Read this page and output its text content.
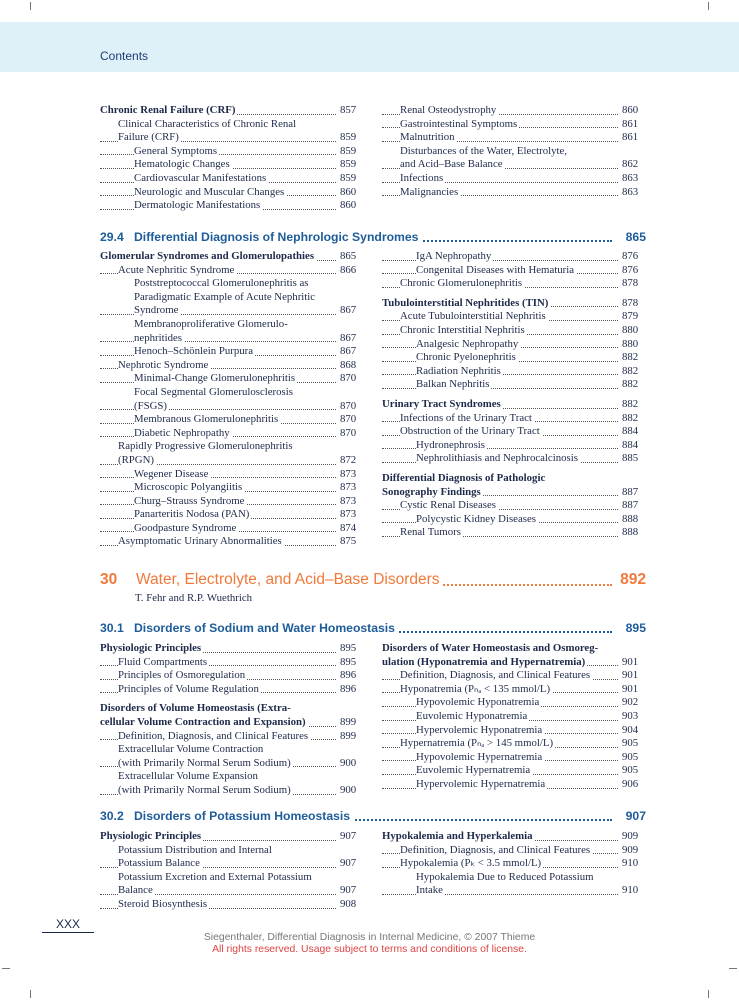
Contents
Chronic Renal Failure (CRF)	857
Clinical Characteristics of Chronic Renal
Failure (CRF)	859
General Symptoms	859
Hematologic Changes	859
Cardiovascular Manifestations	859
Neurologic and Muscular Changes	860
Dermatologic Manifestations	860
Renal Osteodystrophy	860
Gastrointestinal Symptoms	861
Malnutrition	861
Disturbances of the Water, Electrolyte,
and Acid–Base Balance	862
Infections	863
Malignancies	863
29.4 Differential Diagnosis of Nephrologic Syndromes	865
Glomerular Syndromes and Glomerulopathies 865
Acute Nephritic Syndrome	866
Poststreptococcal Glomerulonephritis as
Paradigmatic Example of Acute Nephritic
Syndrome	867
Membranoproliferative Glomerulo-
nephritides	867
Henoch–Schönlein Purpura	867
Nephrotic Syndrome	868
Minimal-Change Glomerulonephritis	870
Focal Segmental Glomerulosclerosis
(FSGS)	870
Membranous Glomerulonephritis	870
Diabetic Nephropathy	870
Rapidly Progressive Glomerulonephritis
(RPGN)	872
Wegener Disease	873
Microscopic Polyangiitis	873
Churg–Strauss Syndrome	873
Panarteritis Nodosa (PAN)	873
Goodpasture Syndrome	874
Asymptomatic Urinary Abnormalities	875
IgA Nephropathy	876
Congenital Diseases with Hematuria	876
Chronic Glomerulonephritis	878
Tubulointerstitial Nephritides (TIN)	878
Acute Tubulointerstitial Nephritis	879
Chronic Interstitial Nephritis	880
Analgesic Nephropathy	880
Chronic Pyelonephritis	882
Radiation Nephritis	882
Balkan Nephritis	882
Urinary Tract Syndromes	882
Infections of the Urinary Tract	882
Obstruction of the Urinary Tract	884
Hydronephrosis	884
Nephrolithiasis and Nephrocalcinosis	885
Differential Diagnosis of Pathologic
Sonography Findings	887
Cystic Renal Diseases	887
Polycystic Kidney Diseases	888
Renal Tumors	888
30 Water, Electrolyte, and Acid–Base Disorders	892
T. Fehr and R.P. Wuethrich
30.1 Disorders of Sodium and Water Homeostasis	895
Physiologic Principles	895
Fluid Compartments	895
Principles of Osmoregulation	896
Principles of Volume Regulation	896
Disorders of Volume Homeostasis (Extra-
cellular Volume Contraction and Expansion)	899
Definition, Diagnosis, and Clinical Features	899
Extracellular Volume Contraction
(with Primarily Normal Serum Sodium)	900
Extracellular Volume Expansion
(with Primarily Normal Serum Sodium)	900
Disorders of Water Homeostasis and Osmoreg-
ulation (Hyponatremia and Hypernatremia)	901
Definition, Diagnosis, and Clinical Features	901
Hyponatremia (Pₙₐ < 135 mmol/L)	901
Hypovolemic Hyponatremia	902
Euvolemic Hyponatremia	903
Hypervolemic Hyponatremia	904
Hypernatremia (Pₙₐ > 145 mmol/L)	905
Hypovolemic Hypernatremia	905
Euvolemic Hypernatremia	905
Hypervolemic Hypernatremia	906
30.2 Disorders of Potassium Homeostasis	907
Physiologic Principles	907
Potassium Distribution and Internal
Potassium Balance	907
Potassium Excretion and External Potassium
Balance	907
Steroid Biosynthesis	908
Hypokalemia and Hyperkalemia	909
Definition, Diagnosis, and Clinical Features	909
Hypokalemia (Pₖ < 3.5 mmol/L)	910
Hypokalemia Due to Reduced Potassium
Intake	910
XXX
Siegenthaler, Differential Diagnosis in Internal Medicine, © 2007 Thieme
All rights reserved. Usage subject to terms and conditions of license.
